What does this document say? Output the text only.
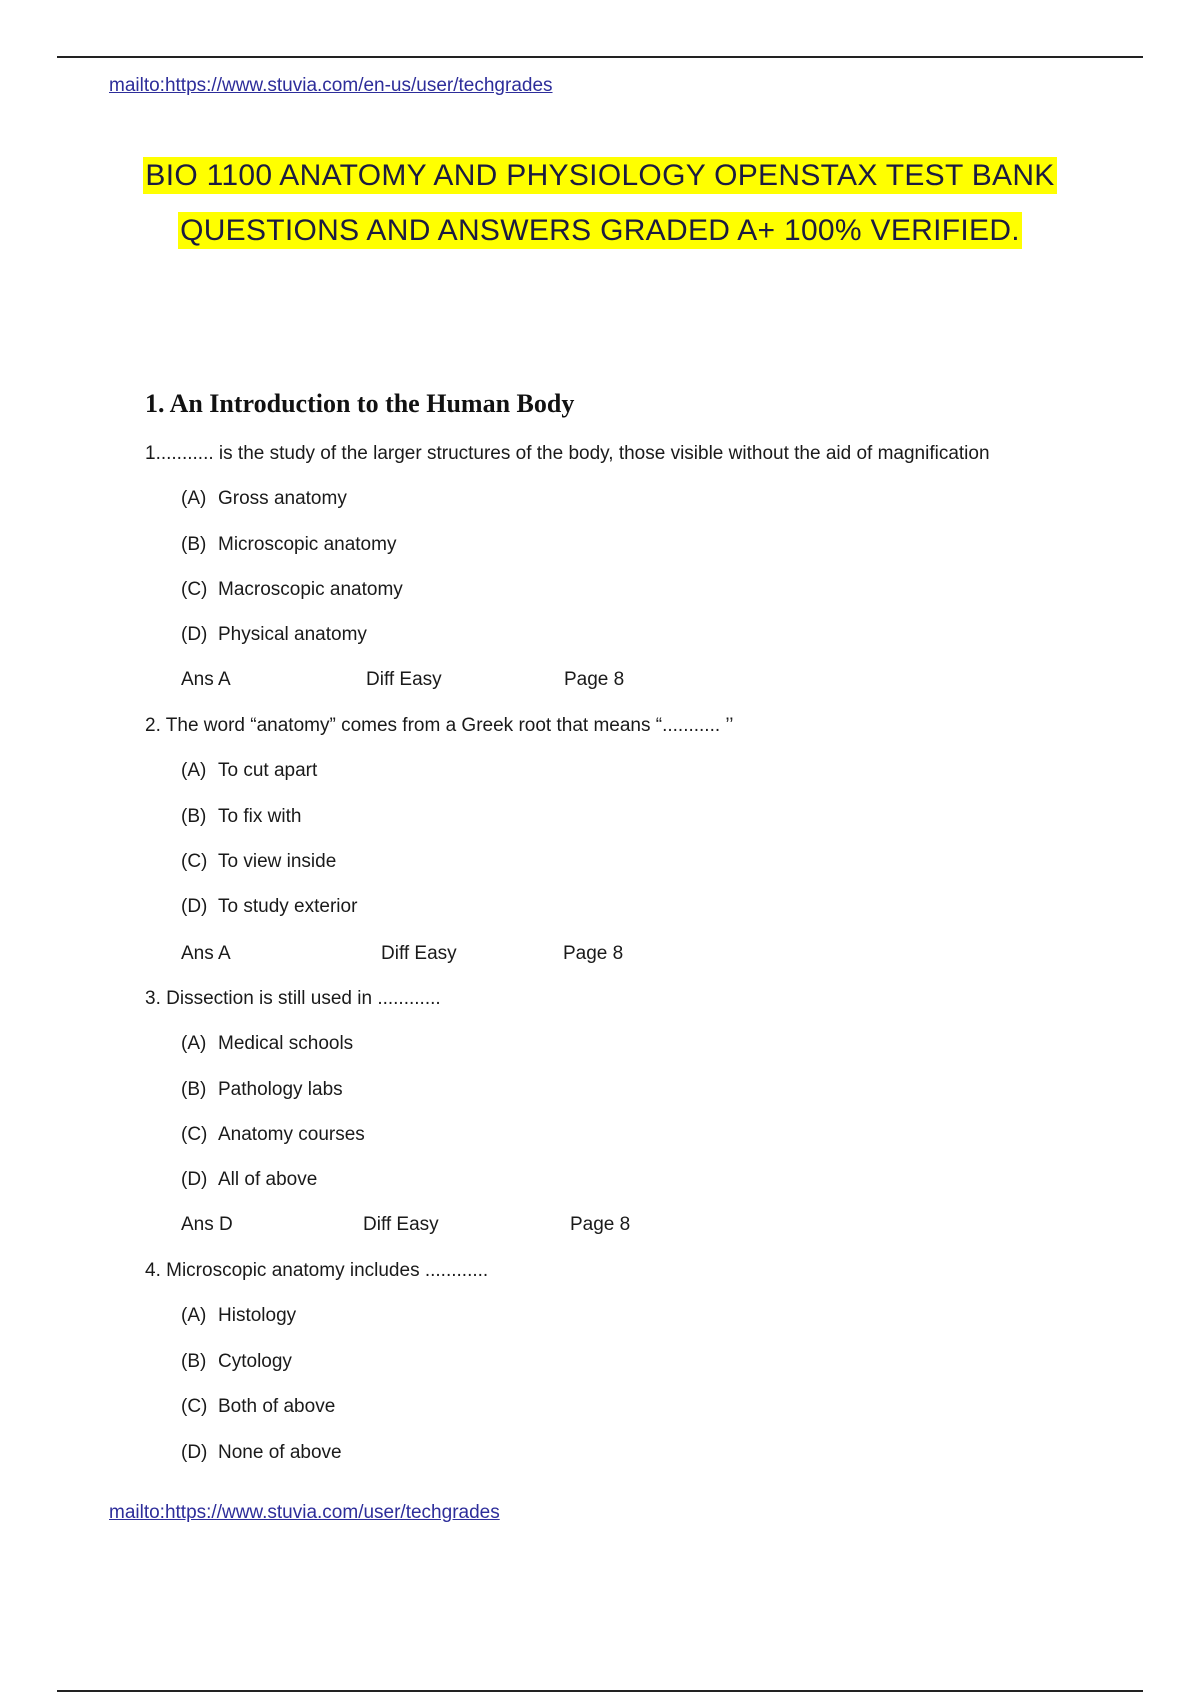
mailto:https://www.stuvia.com/en-us/user/techgrades
BIO 1100 ANATOMY AND PHYSIOLOGY OPENSTAX TEST BANK
QUESTIONS AND ANSWERS GRADED A+ 100% VERIFIED.
1. An Introduction to the Human Body
1........... is the study of the larger structures of the body, those visible without the aid of magnification
(A) Gross anatomy
(B) Microscopic anatomy
(C) Macroscopic anatomy
(D) Physical anatomy
Ans A	Diff Easy	Page 8
2. The word “anatomy” comes from a Greek root that means “........... ’’
(A) To cut apart
(B) To fix with
(C) To view inside
(D) To study exterior
Ans A	Diff Easy	Page 8
3. Dissection is still used in ............
(A) Medical schools
(B) Pathology labs
(C) Anatomy courses
(D) All of above
Ans D	Diff Easy	Page 8
4. Microscopic anatomy includes ............
(A) Histology
(B) Cytology
(C) Both of above
(D) None of above
mailto:https://www.stuvia.com/user/techgrades
